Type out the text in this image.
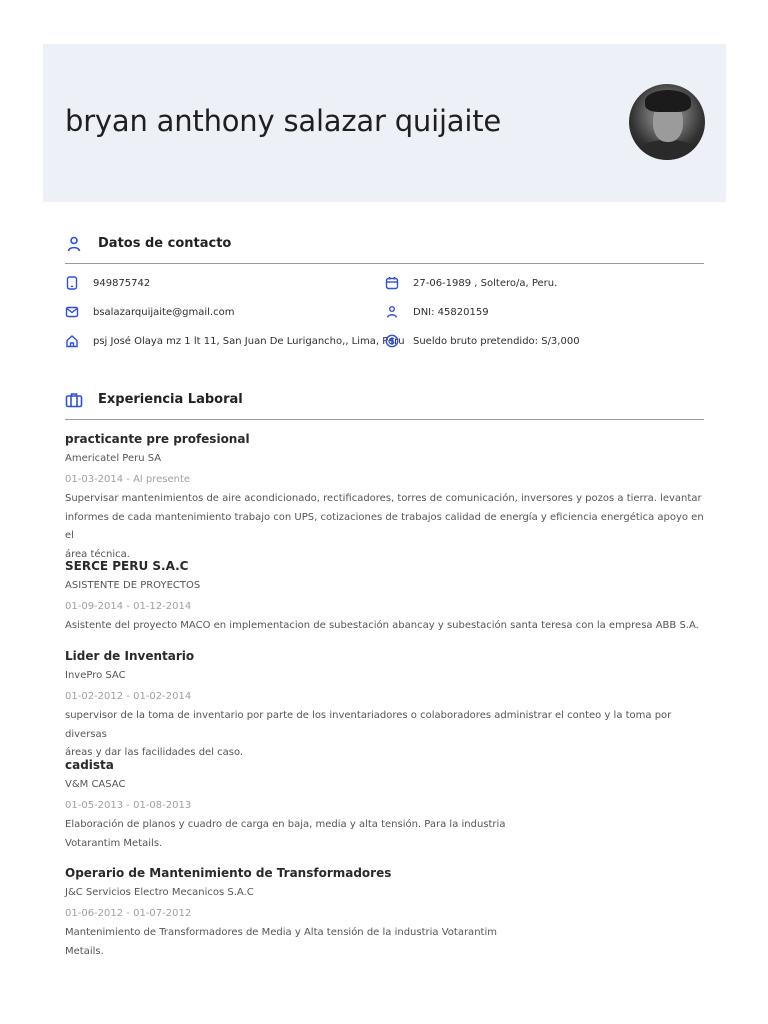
bryan anthony salazar quijaite
Datos de contacto
949875742	27-06-1989 , Soltero/a, Peru.
bsalazarquijaite@gmail.com	DNI: 45820159
psj José Olaya mz 1 lt 11, San Juan De Lurigancho,, Lima, Peru Sueldo bruto pretendido: S/3,000
Experiencia Laboral
practicante pre profesional
Americatel Peru SA
01-03-2014 - Al presente
Supervisar mantenimientos de aire acondicionado, rectificadores, torres de comunicación, inversores y pozos a tierra. levantar
informes de cada mantenimiento trabajo con UPS, cotizaciones de trabajos calidad de energía y eficiencia energética apoyo en el
área técnica.
SERCE PERU S.A.C
ASISTENTE DE PROYECTOS
01-09-2014 - 01-12-2014
Asistente del proyecto MACO en implementacion de subestación abancay y subestación santa teresa con la empresa ABB S.A.
Lider de Inventario
InvePro SAC
01-02-2012 - 01-02-2014
supervisor de la toma de inventario por parte de los inventariadores o colaboradores administrar el conteo y la toma por diversas
áreas y dar las facilidades del caso.
cadista
V&M CASAC
01-05-2013 - 01-08-2013
Elaboración de planos y cuadro de carga en baja, media y alta tensión. Para la industria
Votarantim Metails.
Operario de Mantenimiento de Transformadores
J&C Servicios Electro Mecanicos S.A.C
01-06-2012 - 01-07-2012
Mantenimiento de Transformadores de Media y Alta tensión de la industria Votarantim
Metails.
